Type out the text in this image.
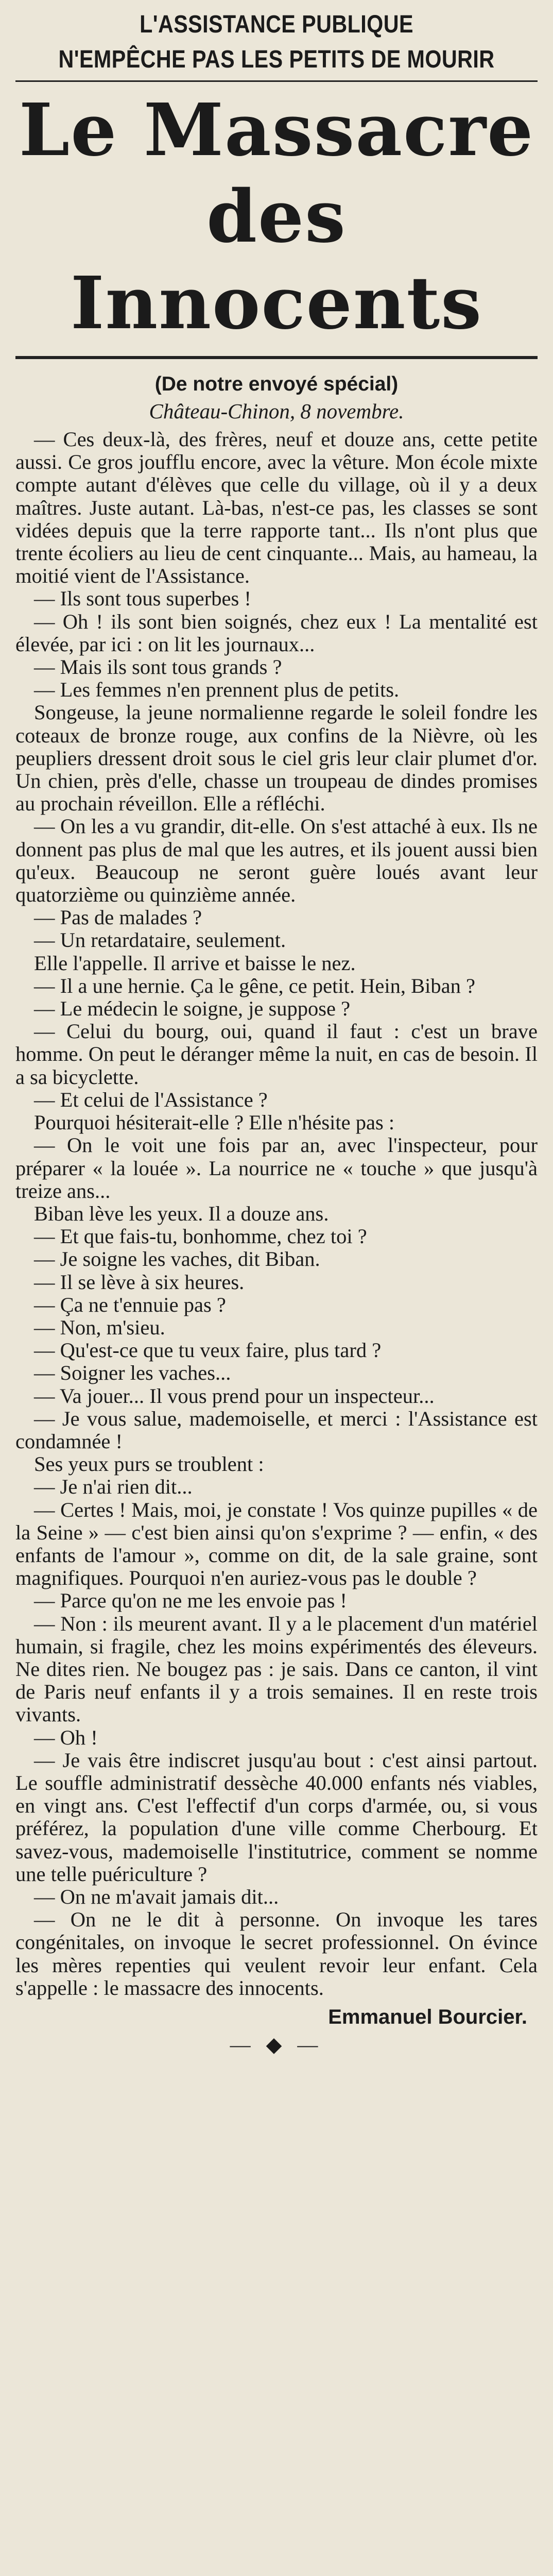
L'ASSISTANCE PUBLIQUE
N'EMPÊCHE PAS LES PETITS DE MOURIR
Le Massacre
des Innocents
(De notre envoyé spécial)
Château-Chinon, 8 novembre.

— Ces deux-là, des frères, neuf et douze ans, cette petite aussi. Ce gros joufflu encore, avec la vêture. Mon école mixte compte autant d'élèves que celle du village, où il y a deux maîtres. Juste autant. Là-bas, n'est-ce pas, les classes se sont vidées depuis que la terre rapporte tant... Ils n'ont plus que trente écoliers au lieu de cent cinquante... Mais, au hameau, la moitié vient de l'Assistance.

— Ils sont tous superbes !

— Oh ! ils sont bien soignés, chez eux ! La mentalité est élevée, par ici : on lit les journaux...

— Mais ils sont tous grands ?

— Les femmes n'en prennent plus de petits.

Songeuse, la jeune normalienne regarde le soleil fondre les coteaux de bronze rouge, aux confins de la Nièvre, où les peupliers dressent droit sous le ciel gris leur clair plumet d'or. Un chien, près d'elle, chasse un troupeau de dindes promises au prochain réveillon. Elle a réfléchi.

— On les a vu grandir, dit-elle. On s'est attaché à eux. Ils ne donnent pas plus de mal que les autres, et ils jouent aussi bien qu'eux. Beaucoup ne seront guère loués avant leur quatorzième ou quinzième année.

— Pas de malades ?

— Un retardataire, seulement.

Elle l'appelle. Il arrive et baisse le nez.

— Il a une hernie. Ça le gêne, ce petit. Hein, Biban ?

— Le médecin le soigne, je suppose ?

— Celui du bourg, oui, quand il faut : c'est un brave homme. On peut le déranger même la nuit, en cas de besoin. Il a sa bicyclette.

— Et celui de l'Assistance ?

Pourquoi hésiterait-elle ? Elle n'hésite pas :

— On le voit une fois par an, avec l'inspecteur, pour préparer « la louée ». La nourrice ne « touche » que jusqu'à treize ans...

Biban lève les yeux. Il a douze ans.

— Et que fais-tu, bonhomme, chez toi ?

— Je soigne les vaches, dit Biban.

— Il se lève à six heures.

— Ça ne t'ennuie pas ?

— Non, m'sieu.

— Qu'est-ce que tu veux faire, plus tard ?

— Soigner les vaches...

— Va jouer... Il vous prend pour un inspecteur...

— Je vous salue, mademoiselle, et merci : l'Assistance est condamnée !

Ses yeux purs se troublent :

— Je n'ai rien dit...

— Certes ! Mais, moi, je constate ! Vos quinze pupilles « de la Seine » — c'est bien ainsi qu'on s'exprime ? — enfin, « des enfants de l'amour », comme on dit, de la sale graine, sont magnifiques. Pourquoi n'en auriez-vous pas le double ?

— Parce qu'on ne me les envoie pas !

— Non : ils meurent avant. Il y a le placement d'un matériel humain, si fragile, chez les moins expérimentés des éleveurs. Ne dites rien. Ne bougez pas : je sais. Dans ce canton, il vint de Paris neuf enfants il y a trois semaines. Il en reste trois vivants.

— Oh !

— Je vais être indiscret jusqu'au bout : c'est ainsi partout. Le souffle administratif dessèche 40.000 enfants nés viables, en vingt ans. C'est l'effectif d'un corps d'armée, ou, si vous préférez, la population d'une ville comme Cherbourg. Et savez-vous, mademoiselle l'institutrice, comment se nomme une telle puériculture ?

— On ne m'avait jamais dit...

— On ne le dit à personne. On invoque les tares congénitales, on invoque le secret professionnel. On évince les mères repenties qui veulent revoir leur enfant. Cela s'appelle : le massacre des innocents.

Emmanuel Bourcier.
— ◆ —
